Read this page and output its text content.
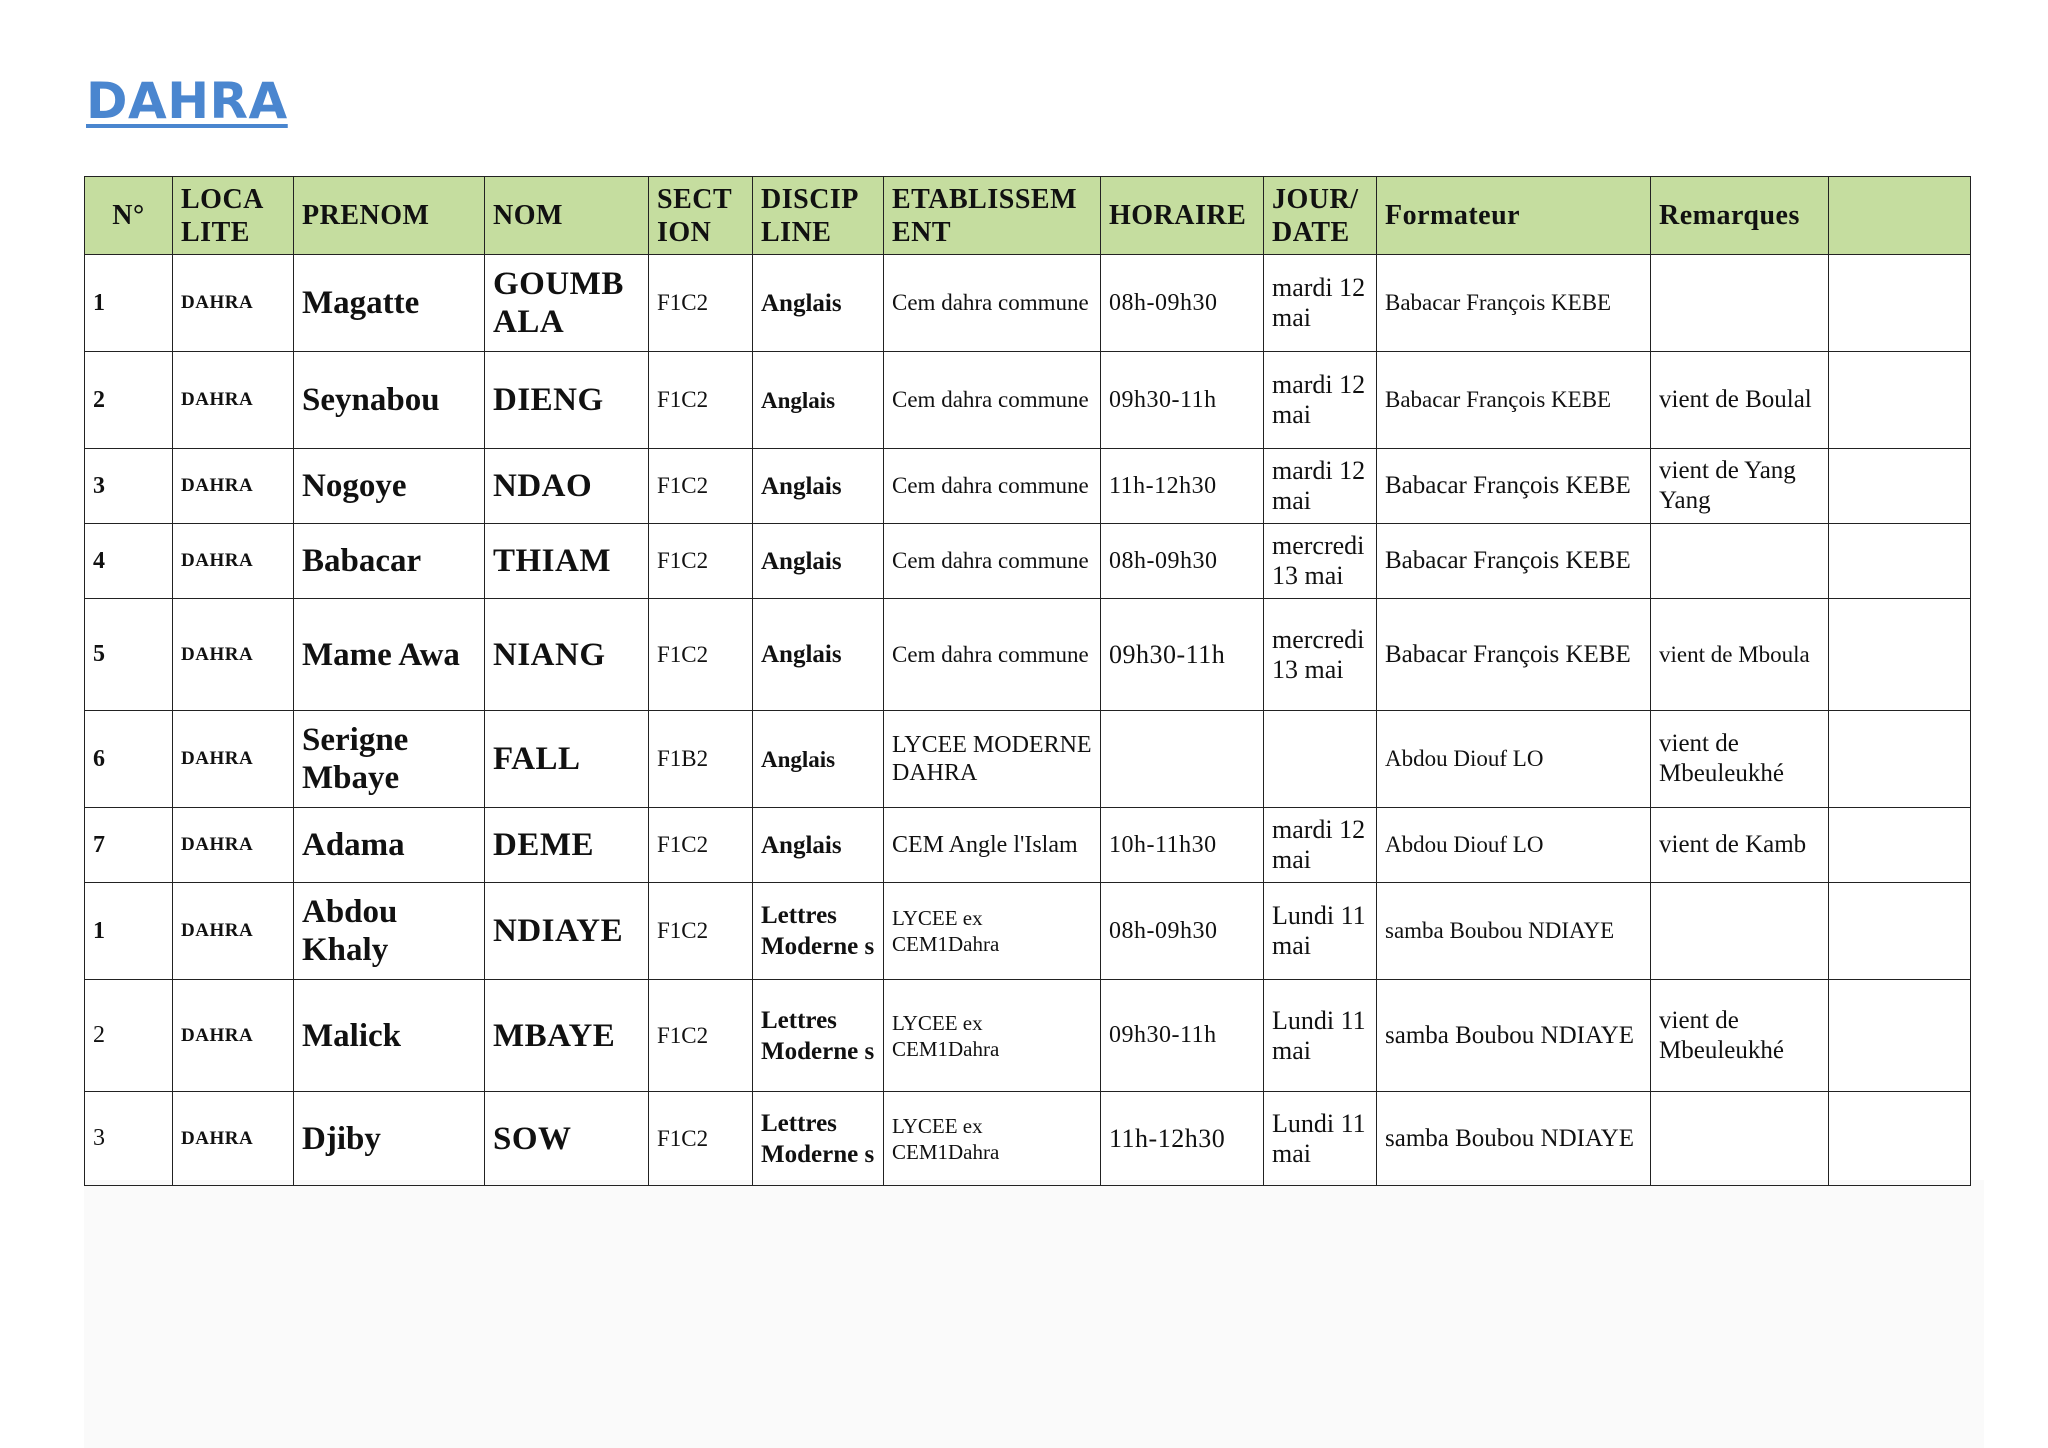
DAHRA
N°	LOCA LITE	PRENOM	NOM	SECT ION	DISCIP LINE	ETABLISSEM ENT	HORAIRE	JOUR/ DATE	Formateur	Remarques	
1	DAHRA	Magatte	GOUMB ALA	F1C2	Anglais	Cem dahra commune	08h-09h30	mardi 12 mai	Babacar François KEBE		
2	DAHRA	Seynabou	DIENG	F1C2	Anglais	Cem dahra commune	09h30-11h	mardi 12 mai	Babacar François KEBE	vient de Boulal	
3	DAHRA	Nogoye	NDAO	F1C2	Anglais	Cem dahra commune	11h-12h30	mardi 12 mai	Babacar François KEBE	vient de Yang Yang	
4	DAHRA	Babacar	THIAM	F1C2	Anglais	Cem dahra commune	08h-09h30	mercredi 13 mai	Babacar François KEBE		
5	DAHRA	Mame Awa	NIANG	F1C2	Anglais	Cem dahra commune	09h30-11h	mercredi 13 mai	Babacar François KEBE	vient de Mboula	
6	DAHRA	Serigne Mbaye	FALL	F1B2	Anglais	LYCEE MODERNE DAHRA			Abdou Diouf LO	vient de Mbeuleukhé	
7	DAHRA	Adama	DEME	F1C2	Anglais	CEM Angle l'Islam	10h-11h30	mardi 12 mai	Abdou Diouf LO	vient de Kamb	
1	DAHRA	Abdou Khaly	NDIAYE	F1C2	Lettres Moderne s	LYCEE ex CEM1Dahra	08h-09h30	Lundi 11 mai	samba Boubou NDIAYE		
2	DAHRA	Malick	MBAYE	F1C2	Lettres Moderne s	LYCEE ex CEM1Dahra	09h30-11h	Lundi 11 mai	samba Boubou NDIAYE	vient de Mbeuleukhé	
3	DAHRA	Djiby	SOW	F1C2	Lettres Moderne s	LYCEE ex CEM1Dahra	11h-12h30	Lundi 11 mai	samba Boubou NDIAYE		
